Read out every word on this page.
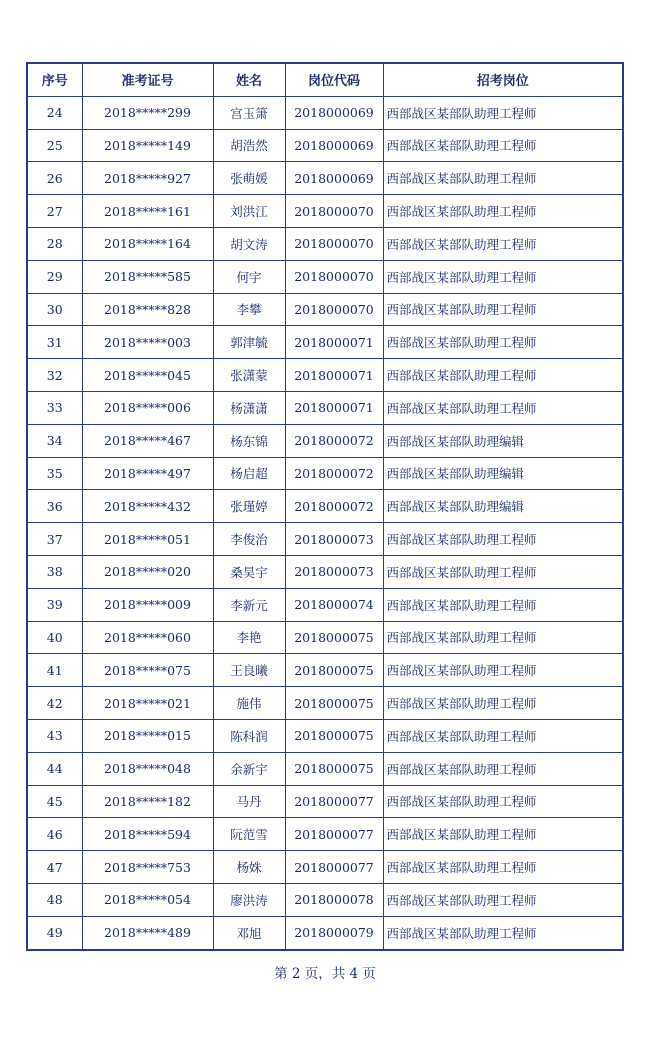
序号	准考证号	姓名	岗位代码	招考岗位
24	2018*****299	宫玉箫	2018000069	西部战区某部队助理工程师
25	2018*****149	胡浩然	2018000069	西部战区某部队助理工程师
26	2018*****927	张萌媛	2018000069	西部战区某部队助理工程师
27	2018*****161	刘洪江	2018000070	西部战区某部队助理工程师
28	2018*****164	胡文涛	2018000070	西部战区某部队助理工程师
29	2018*****585	何宇	2018000070	西部战区某部队助理工程师
30	2018*****828	李攀	2018000070	西部战区某部队助理工程师
31	2018*****003	郭津毓	2018000071	西部战区某部队助理工程师
32	2018*****045	张潇蒙	2018000071	西部战区某部队助理工程师
33	2018*****006	杨潇潇	2018000071	西部战区某部队助理工程师
34	2018*****467	杨东锦	2018000072	西部战区某部队助理编辑
35	2018*****497	杨启超	2018000072	西部战区某部队助理编辑
36	2018*****432	张瑾婷	2018000072	西部战区某部队助理编辑
37	2018*****051	李俊治	2018000073	西部战区某部队助理工程师
38	2018*****020	桑昊宇	2018000073	西部战区某部队助理工程师
39	2018*****009	李新元	2018000074	西部战区某部队助理工程师
40	2018*****060	李艳	2018000075	西部战区某部队助理工程师
41	2018*****075	王良曦	2018000075	西部战区某部队助理工程师
42	2018*****021	施伟	2018000075	西部战区某部队助理工程师
43	2018*****015	陈科润	2018000075	西部战区某部队助理工程师
44	2018*****048	余新宇	2018000075	西部战区某部队助理工程师
45	2018*****182	马丹	2018000077	西部战区某部队助理工程师
46	2018*****594	阮范雪	2018000077	西部战区某部队助理工程师
47	2018*****753	杨姝	2018000077	西部战区某部队助理工程师
48	2018*****054	廖洪涛	2018000078	西部战区某部队助理工程师
49	2018*****489	邓旭	2018000079	西部战区某部队助理工程师
第 2 页，共 4 页
